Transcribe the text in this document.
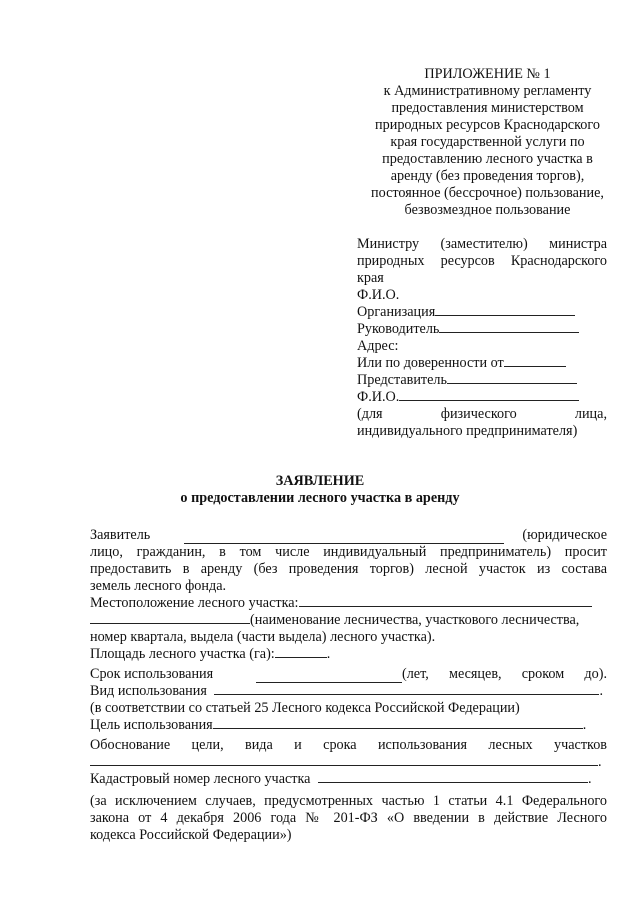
ПРИЛОЖЕНИЕ № 1
к Административному регламенту
предоставления министерством
природных ресурсов Краснодарского
края государственной услуги по
предоставлению лесного участка в
аренду (без проведения торгов),
постоянное (бессрочное) пользование,
безвозмездное пользование
Министру (заместителю) министра
природных ресурсов Краснодарского
края
Ф.И.О.
Организация
Руководитель
Адрес:
Или по доверенности от
Представитель
Ф.И.О.
(для физического лица,
индивидуального предпринимателя)
ЗАЯВЛЕНИЕ
о предоставлении лесного участка в аренду
Заявитель	(юридическое
лицо, гражданин, в том числе индивидуальный предприниматель) просит
предоставить в аренду (без проведения торгов) лесной участок из состава
земель лесного фонда.
Местоположение лесного участка:
(наименование лесничества, участкового лесничества,
номер квартала, выдела (части выдела) лесного участка).
Площадь лесного участка (га):	.
Срок использования	(лет, месяцев, сроком до).
Вид использования	.
(в соответствии со статьей 25 Лесного кодекса Российской Федерации)
Цель использования	.
Обоснование цели, вида и срока использования лесных участков
.
Кадастровый номер лесного участка	.
(за исключением случаев, предусмотренных частью 1 статьи 4.1 Федерального
закона от 4 декабря 2006 года № 201-ФЗ «О введении в действие Лесного
кодекса Российской Федерации»)
